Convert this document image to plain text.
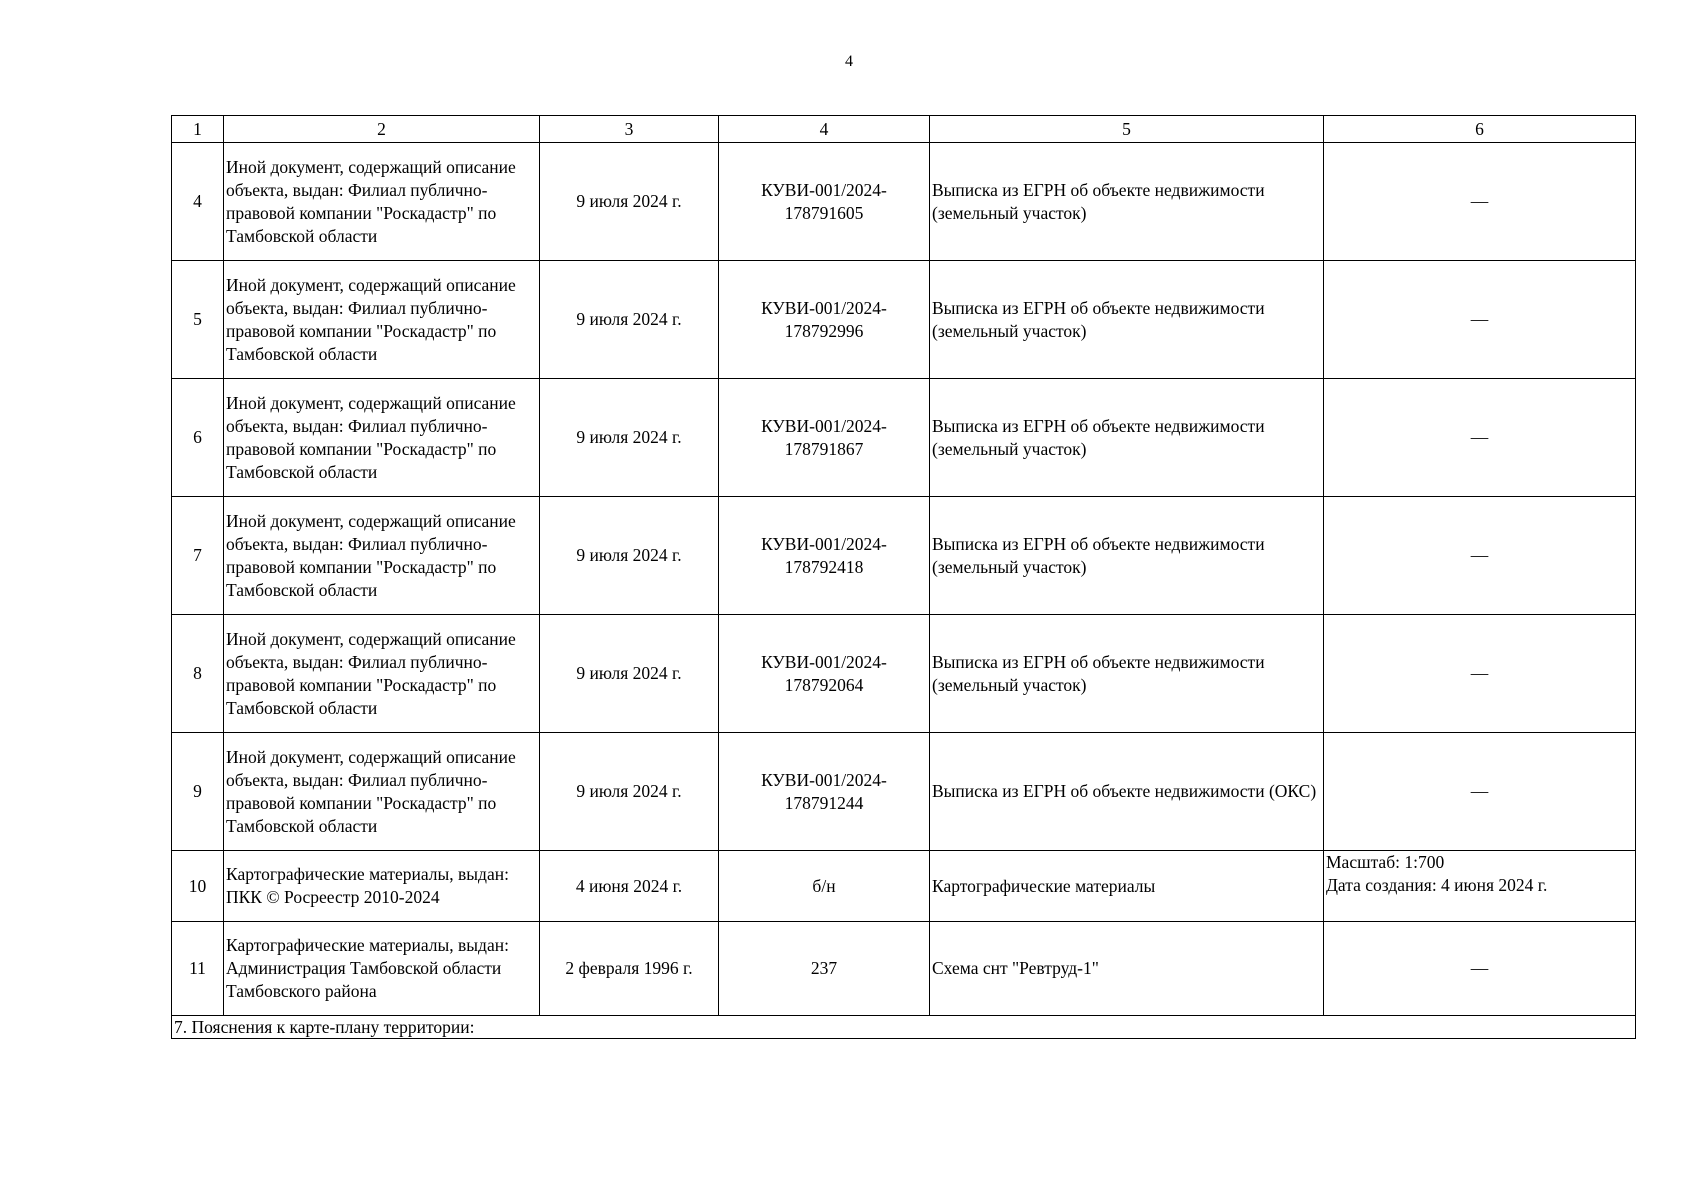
4
1	2	3	4	5	6
4	Иной документ, содержащий описание объекта, выдан: Филиал публично-правовой компании "Роскадастр" по Тамбовской области	9 июля 2024 г.	КУВИ-001/2024-
178791605	Выписка из ЕГРН об объекте недвижимости (земельный участок)	—

5	Иной документ, содержащий описание объекта, выдан: Филиал публично-правовой компании "Роскадастр" по Тамбовской области	9 июля 2024 г.	КУВИ-001/2024-
178792996	Выписка из ЕГРН об объекте недвижимости (земельный участок)	—

6	Иной документ, содержащий описание объекта, выдан: Филиал публично-правовой компании "Роскадастр" по Тамбовской области	9 июля 2024 г.	КУВИ-001/2024-
178791867	Выписка из ЕГРН об объекте недвижимости (земельный участок)	—

7	Иной документ, содержащий описание объекта, выдан: Филиал публично-правовой компании "Роскадастр" по Тамбовской области	9 июля 2024 г.	КУВИ-001/2024-
178792418	Выписка из ЕГРН об объекте недвижимости (земельный участок)	—

8	Иной документ, содержащий описание объекта, выдан: Филиал публично-правовой компании "Роскадастр" по Тамбовской области	9 июля 2024 г.	КУВИ-001/2024-
178792064	Выписка из ЕГРН об объекте недвижимости (земельный участок)	—

9	Иной документ, содержащий описание объекта, выдан: Филиал публично-правовой компании "Роскадастр" по Тамбовской области	9 июля 2024 г.	КУВИ-001/2024-
178791244	Выписка из ЕГРН об объекте недвижимости (ОКС)	—

10	Картографические материалы, выдан: ПКК © Росреестр 2010-2024	4 июня 2024 г.	б/н	Картографические материалы	Масштаб: 1:700
Дата создания: 4 июня 2024 г.

11	Картографические материалы, выдан: Администрация Тамбовской области Тамбовского района	2 февраля 1996 г.	237	Схема снт "Ревтруд-1"	—

7. Пояснения к карте-плану территории:					
